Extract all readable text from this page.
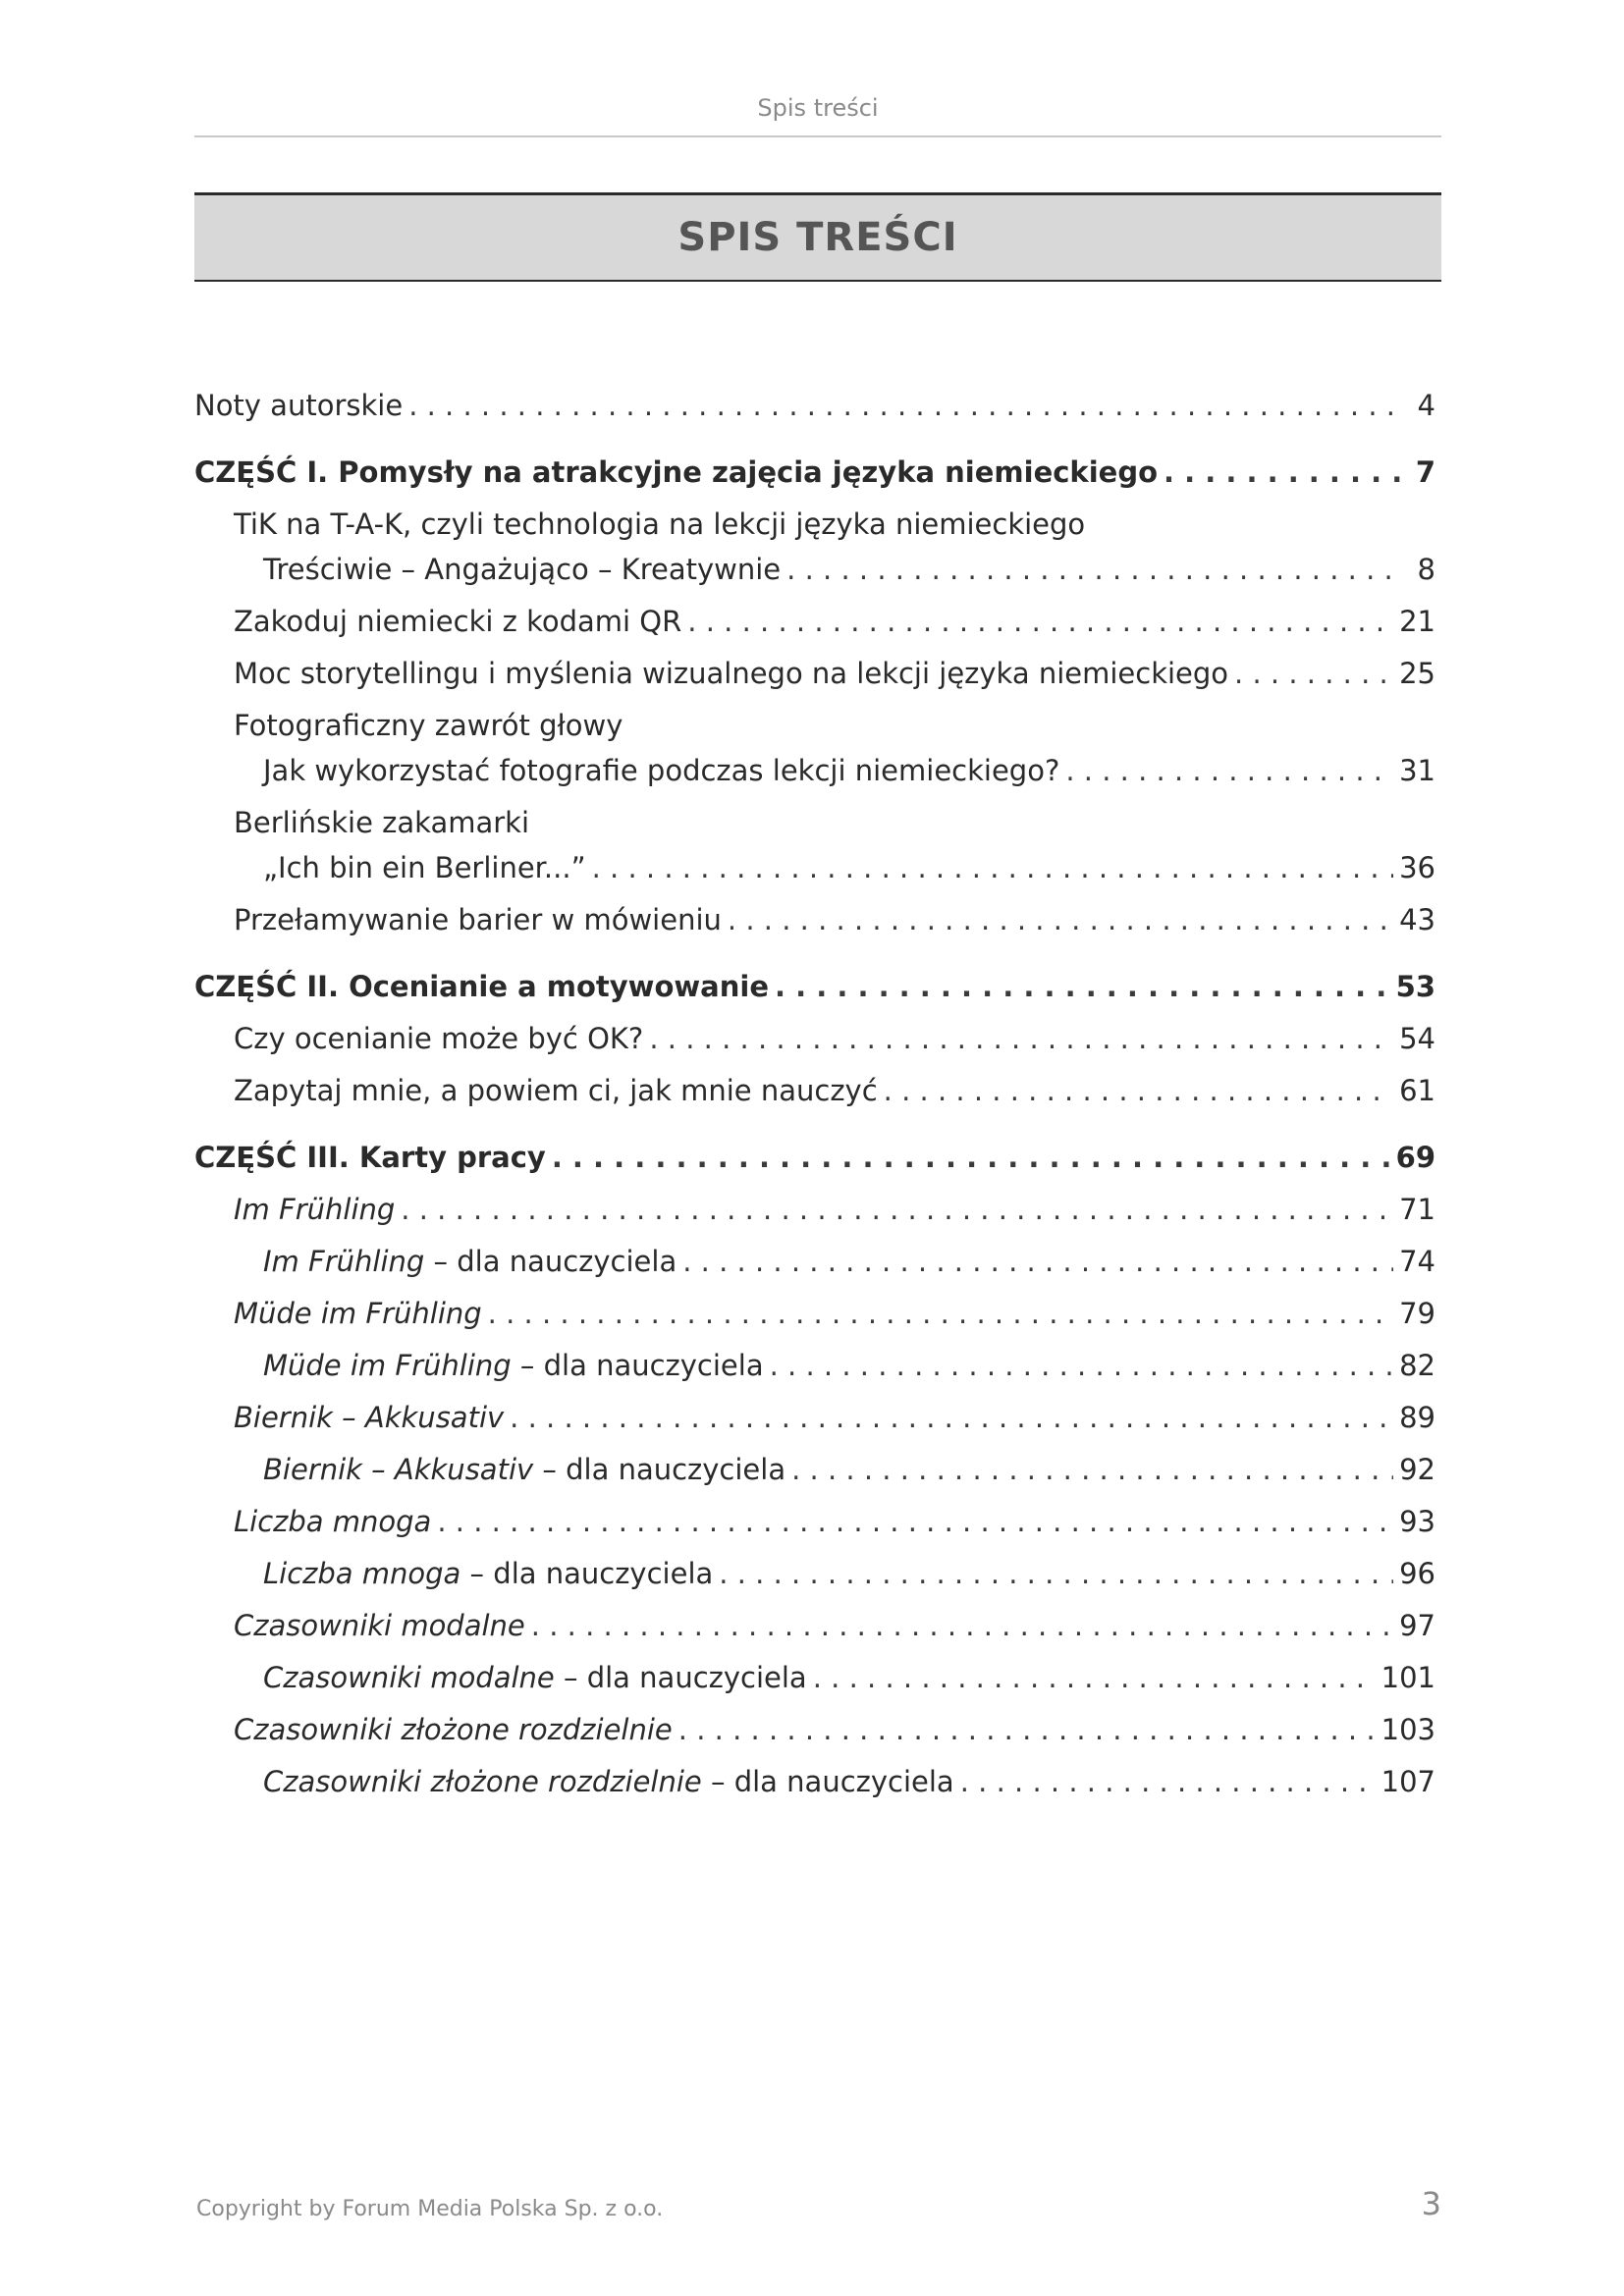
Spis treści
SPIS TREŚCI
Noty autorskie . . .	4
CZĘŚĆ I. Pomysły na atrakcyjne zajęcia języka niemieckiego . . .	7
TiK na T-A-K, czyli technologia na lekcji języka niemieckiego
Treściwie – Angażująco – Kreatywnie . . .	8
Zakoduj niemiecki z kodami QR . . .	21
Moc storytellingu i myślenia wizualnego na lekcji języka niemieckiego . . .	25
Fotograficzny zawrót głowy
Jak wykorzystać fotografie podczas lekcji niemieckiego? . . .	31
Berlińskie zakamarki
„Ich bin ein Berliner...” . . .	36
Przełamywanie barier w mówieniu . . .	43
CZĘŚĆ II. Ocenianie a motywowanie . . .	53
Czy ocenianie może być OK? . . .	54
Zapytaj mnie, a powiem ci, jak mnie nauczyć . . .	61
CZĘŚĆ III. Karty pracy . . .	69
Im Frühling . . .	71
Im Frühling – dla nauczyciela . . .	74
Müde im Frühling . . .	79
Müde im Frühling – dla nauczyciela . . .	82
Biernik – Akkusativ . . .	89
Biernik – Akkusativ – dla nauczyciela . . .	92
Liczba mnoga . . .	93
Liczba mnoga – dla nauczyciela . . .	96
Czasowniki modalne . . .	97
Czasowniki modalne – dla nauczyciela . . .	101
Czasowniki złożone rozdzielnie . . .	103
Czasowniki złożone rozdzielnie – dla nauczyciela . . .	107
Copyright by Forum Media Polska Sp. z o.o.	3
